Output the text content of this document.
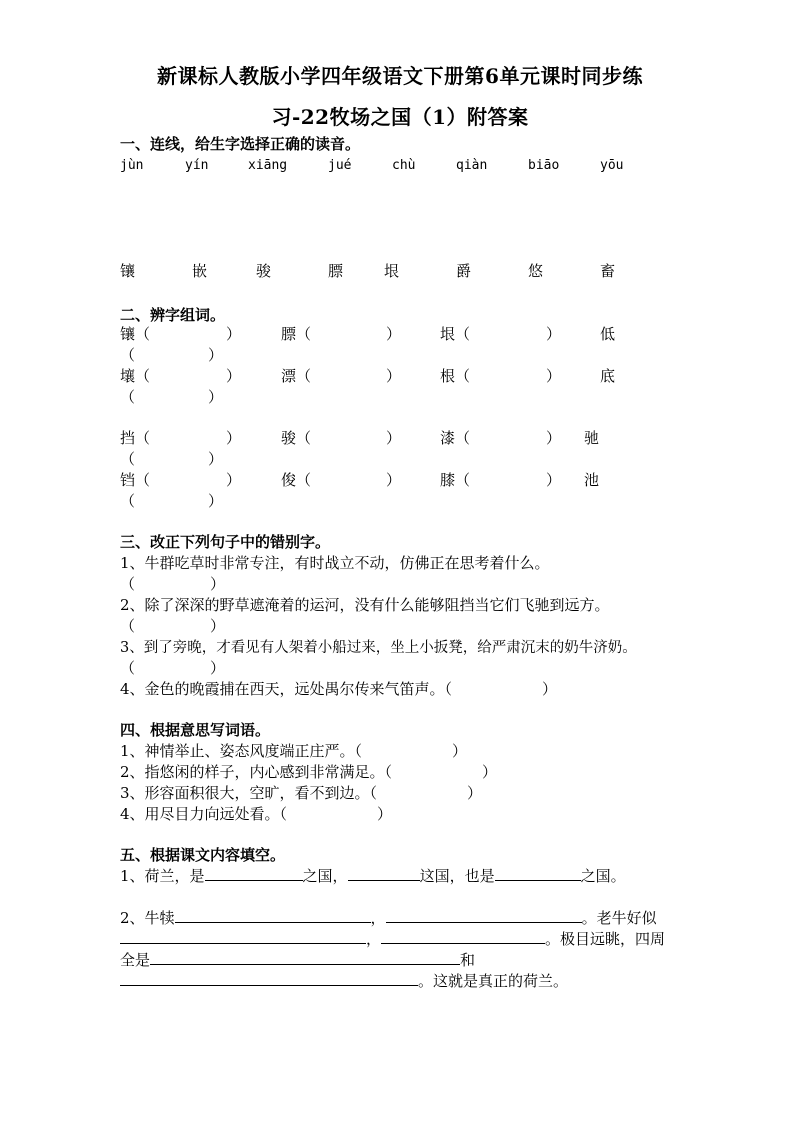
新课标人教版小学四年级语文下册第6单元课时同步练
习-22牧场之国（1）附答案
一、连线，给生字选择正确的读音。
jùn	yín	xiāng	jué	chù	qiàn	biāo	yōu
镶	嵌	骏	膘	垠	爵	悠	畜
二、辨字组词。
镶（	）	膘（	）	垠（	）	低
（	）
壤（	）	漂（	）	根（	）	底
（	）
挡（	）	骏（	）	漆（	） 驰
（	）
铛（	）	俊（	）	膝（	） 池
（	）
三、改正下列句子中的错别字。
1、牛群吃草时非常专注，有时战立不动，仿佛正在思考着什么。
（　　　　　）
2、除了深深的野草遮淹着的运河，没有什么能够阻挡当它们飞驰到远方。
（　　　　　）
3、到了旁晚，才看见有人架着小船过来，坐上小扳凳，给严肃沉末的奶牛济奶。
（　　　　　）
4、金色的晚霞捕在西天，远处禺尔传来气笛声。（　　　　　　）
四、根据意思写词语。
1、神情举止、姿态风度端正庄严。（　　　　　　）
2、指悠闲的样子，内心感到非常满足。（　　　　　　）
3、形容面积很大，空旷，看不到边。（　　　　　　）
4、用尽目力向远处看。（　　　　　　）
五、根据课文内容填空。
1、荷兰，是	之国，	这国，也是	之国。
2、牛犊	，	。老牛好似
，	。极目远眺，四周
全是	和
。这就是真正的荷兰。
